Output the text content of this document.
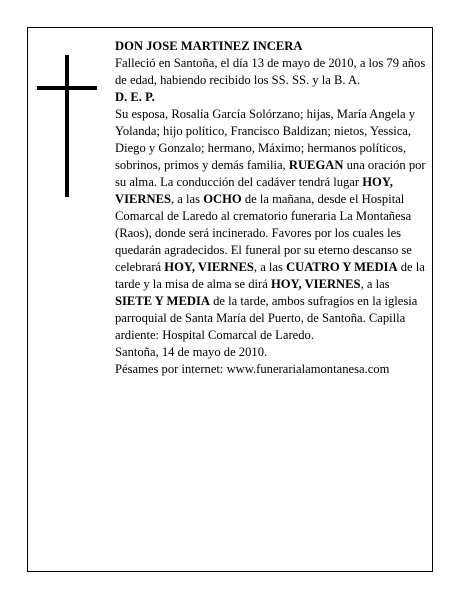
DON JOSE MARTINEZ INCERA

Falleció en Santoña, el día 13 de mayo de 2010, a los 79 años de edad, habiendo recibido los SS. SS. y la B. A.

D. E. P.

Su esposa, Rosalía García Solórzano; hijas, María Angela y Yolanda; hijo político, Francisco Baldizan; nietos, Yessica, Diego y Gonzalo; hermano, Máximo; hermanos políticos, sobrinos, primos y demás familia, RUEGAN una oración por su alma. La conducción del cadáver tendrá lugar HOY, VIERNES, a las OCHO de la mañana, desde el Hospital Comarcal de Laredo al crematorio funeraria La Montañesa (Raos), donde será incinerado. Favores por los cuales les quedarán agradecidos. El funeral por su eterno descanso se celebrará HOY, VIERNES, a las CUATRO Y MEDIA de la tarde y la misa de alma se dirá HOY, VIERNES, a las SIETE Y MEDIA de la tarde, ambos sufragios en la iglesia parroquial de Santa María del Puerto, de Santoña. Capilla ardiente: Hospital Comarcal de Laredo.

Santoña, 14 de mayo de 2010.

Pésames por internet: www.funerarialamontanesa.com
